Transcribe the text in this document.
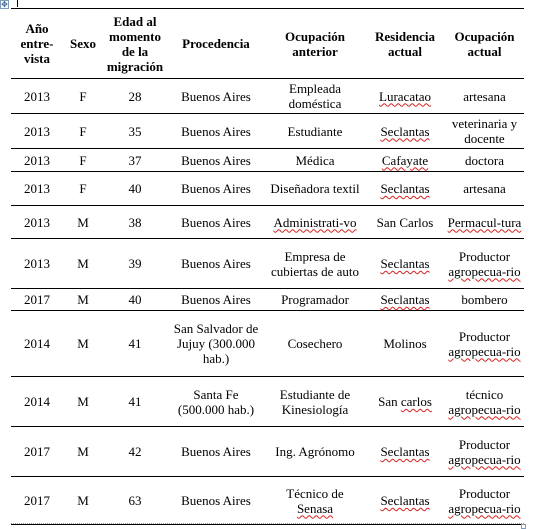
✥
Año entre-vista	Sexo	Edad al momento de la migración	Procedencia	Ocupación anterior	Residencia actual	Ocupación actual
2013	F	28	Buenos Aires	Empleada doméstica	Luracatao	artesana
2013	F	35	Buenos Aires	Estudiante	Seclantas	veterinaria y docente
2013	F	37	Buenos Aires	Médica	Cafayate	doctora
2013	F	40	Buenos Aires	Diseñadora textil	Seclantas	artesana
2013	M	38	Buenos Aires	Administrati-vo	San Carlos	Permacul-tura
2013	M	39	Buenos Aires	Empresa de cubiertas de auto	Seclantas	Productor agropecua-rio
2017	M	40	Buenos Aires	Programador	Seclantas	bombero
2014	M	41	San Salvador de Jujuy (300.000 hab.)	Cosechero	Molinos	Productor agropecua-rio
2014	M	41	Santa Fe (500.000 hab.)	Estudiante de Kinesiología	San carlos	técnico agropecua-rio
2017	M	42	Buenos Aires	Ing. Agrónomo	Seclantas	Productor agropecua-rio
2017	M	63	Buenos Aires	Técnico de Senasa	Seclantas	Productor agropecua-rio
